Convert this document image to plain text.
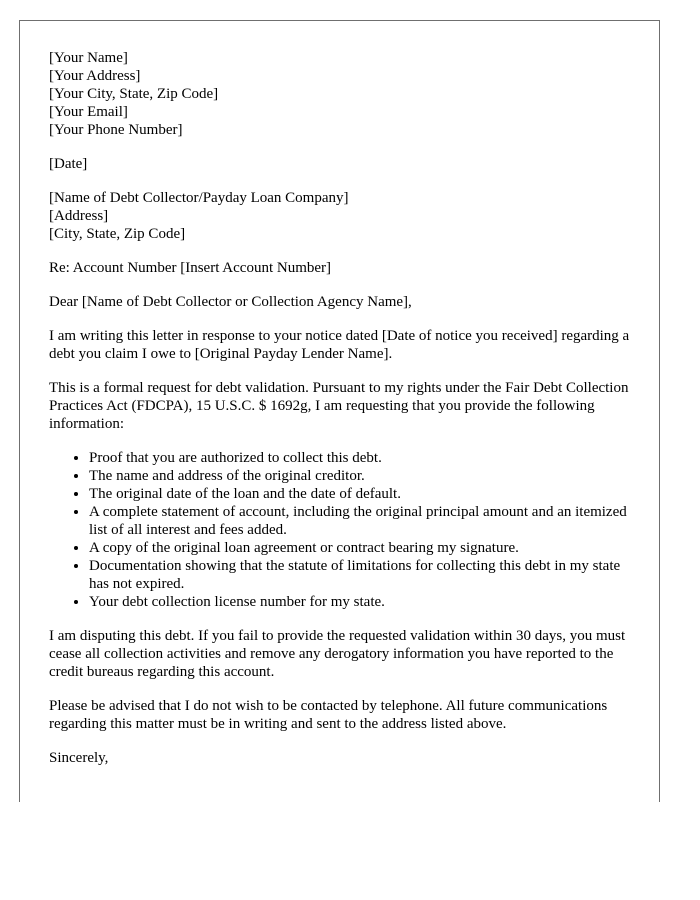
[Your Name]
[Your Address]
[Your City, State, Zip Code]
[Your Email]
[Your Phone Number]
[Date]
[Name of Debt Collector/Payday Loan Company]
[Address]
[City, State, Zip Code]

Re: Account Number [Insert Account Number]

Dear [Name of Debt Collector or Collection Agency Name],

I am writing this letter in response to your notice dated [Date of notice you received] regarding a debt you claim I owe to [Original Payday Lender Name].

This is a formal request for debt validation. Pursuant to my rights under the Fair Debt Collection Practices Act (FDCPA), 15 U.S.C. $ 1692g, I am requesting that you provide the following information:

• Proof that you are authorized to collect this debt.
• The name and address of the original creditor.
• The original date of the loan and the date of default.
• A complete statement of account, including the original principal amount and an itemized list of all interest and fees added.
• A copy of the original loan agreement or contract bearing my signature.
• Documentation showing that the statute of limitations for collecting this debt in my state has not expired.
• Your debt collection license number for my state.

I am disputing this debt. If you fail to provide the requested validation within 30 days, you must cease all collection activities and remove any derogatory information you have reported to the credit bureaus regarding this account.

Please be advised that I do not wish to be contacted by telephone. All future communications regarding this matter must be in writing and sent to the address listed above.

Sincerely,
